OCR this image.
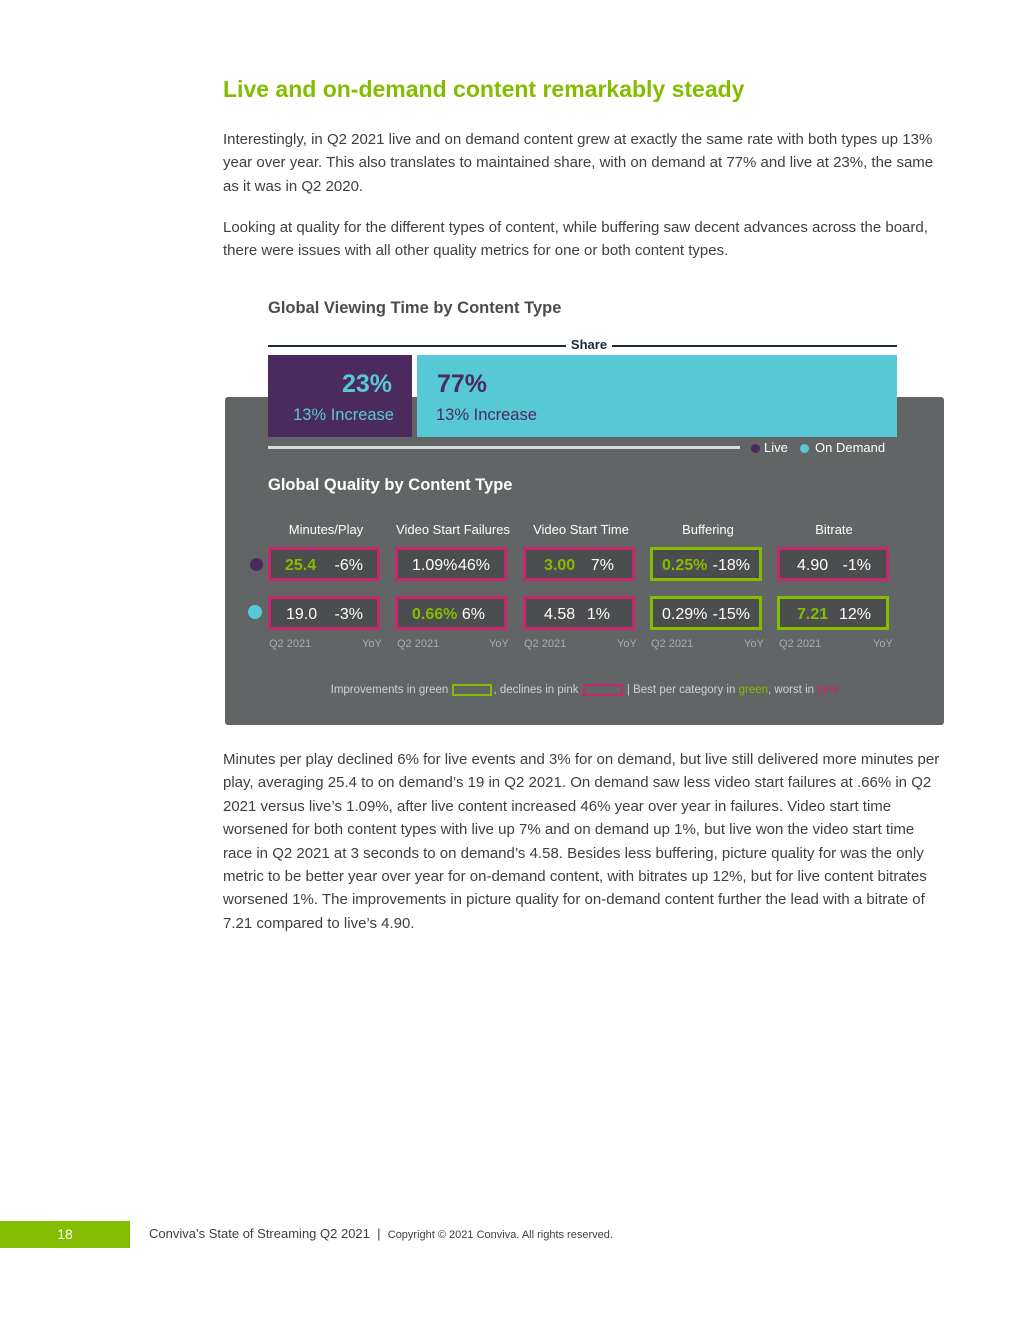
Live and on-demand content remarkably steady
Interestingly, in Q2 2021 live and on demand content grew at exactly the same rate with both types up 13% year over year. This also translates to maintained share, with on demand at 77% and live at 23%, the same as it was in Q2 2020.
Looking at quality for the different types of content, while buffering saw decent advances across the board, there were issues with all other quality metrics for one or both content types.
Global Viewing Time by Content Type
Share
23%
13% Increase
77%
13% Increase
Live On Demand
Global Quality by Content Type
Minutes/Play	Video Start Failures	Video Start Time	Buffering	Bitrate
25.4 -6%	1.09% 46%	3.00 7%	0.25% -18%	4.90 -1%
19.0 -3%	0.66% 6%	4.58 1%	0.29% -15%	7.21 12%
Q2 2021	YoY Q2 2021	YoY Q2 2021	YoY Q2 2021	YoY Q2 2021	YoY
Improvements in green	, declines in pink	| Best per category in green, worst in pink
Minutes per play declined 6% for live events and 3% for on demand, but live still delivered more minutes per play, averaging 25.4 to on demand’s 19 in Q2 2021. On demand saw less video start failures at .66% in Q2 2021 versus live’s 1.09%, after live content increased 46% year over year in failures. Video start time worsened for both content types with live up 7% and on demand up 1%, but live won the video start time race in Q2 2021 at 3 seconds to on demand’s 4.58. Besides less buffering, picture quality for was the only metric to be better year over year for on-demand content, with bitrates up 12%, but for live content bitrates worsened 1%. The improvements in picture quality for on-demand content further the lead with a bitrate of 7.21 compared to live’s 4.90.
18	Conviva’s State of Streaming Q2 2021 | Copyright © 2021 Conviva. All rights reserved.
